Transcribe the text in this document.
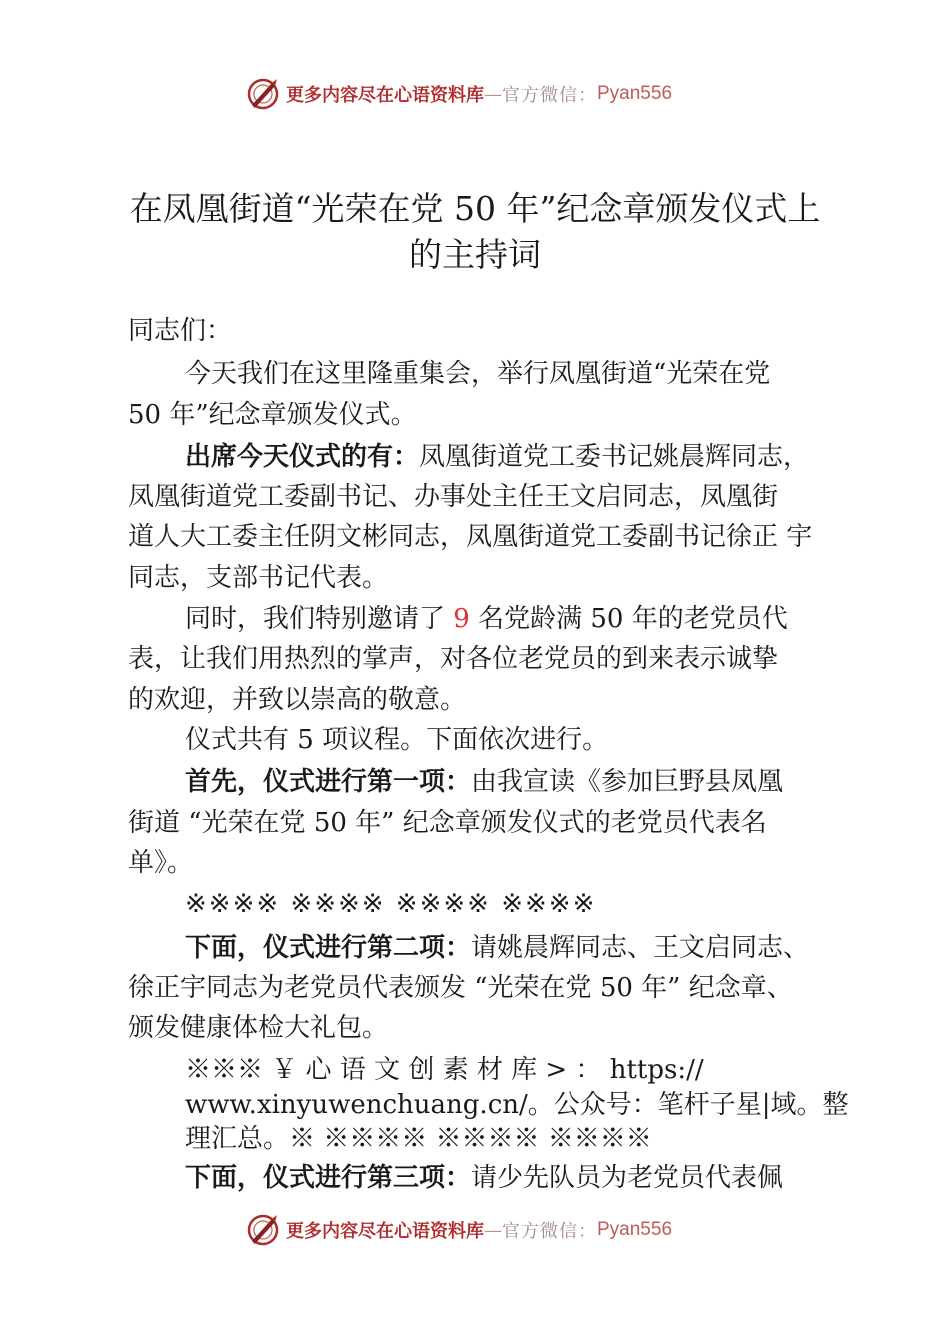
更多内容尽在心语资料库 — 官方微信： Pyan556
在凤凰街道“光荣在党 50 年”纪念章颁发仪式上
的主持词
同志们：
今天我们在这里隆重集会，举行凤凰街道“光荣在党
50 年”纪念章颁发仪式。
出席今天仪式的有：凤凰街道党工委书记姚晨辉同志，
凤凰街道党工委副书记、办事处主任王文启同志，凤凰街
道人大工委主任阴文彬同志，凤凰街道党工委副书记徐正 宇
同志，支部书记代表。
同时，我们特别邀请了 9 名党龄满 50 年的老党员代
表，让我们用热烈的掌声，对各位老党员的到来表示诚挚
的欢迎，并致以崇高的敬意。
仪式共有 5 项议程。下面依次进行。
首先，仪式进行第一项：由我宣读《参加巨野县凤凰
街道 “光荣在党 50 年” 纪念章颁发仪式的老党员代表名
单》。
※※※※ ※※※※ ※※※※ ※※※※
下面，仪式进行第二项：请姚晨辉同志、王文启同志、
徐正宇同志为老党员代表颁发 “光荣在党 50 年” 纪念章、
颁发健康体检大礼包。
※※※ ￥ 心 语 文 创 素 材 库 > ： https://
www.xinyuwenchuang.cn/。公众号：笔杆子星|域。整
理汇总。※ ※※※※ ※※※※ ※※※※
下面，仪式进行第三项：请少先队员为老党员代表佩
更多内容尽在心语资料库 — 官方微信： Pyan556
